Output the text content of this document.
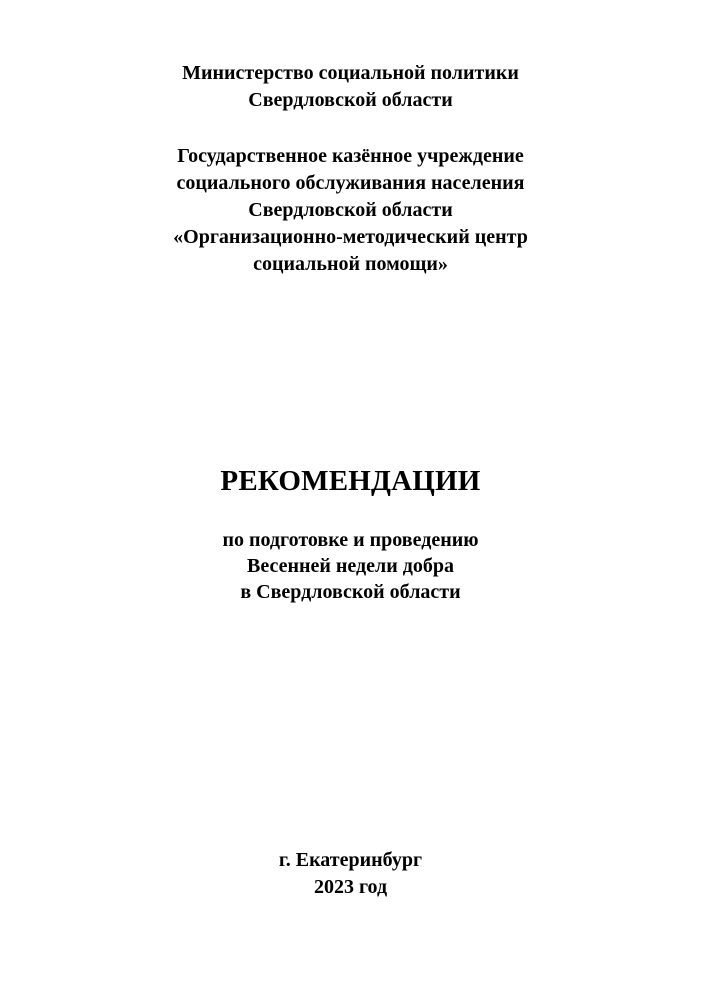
Министерство социальной политики
Свердловской области
Государственное казённое учреждение
социального обслуживания населения
Свердловской области
«Организационно-методический центр
социальной помощи»
РЕКОМЕНДАЦИИ
по подготовке и проведению
Весенней недели добра
в Свердловской области
г. Екатеринбург
2023 год
